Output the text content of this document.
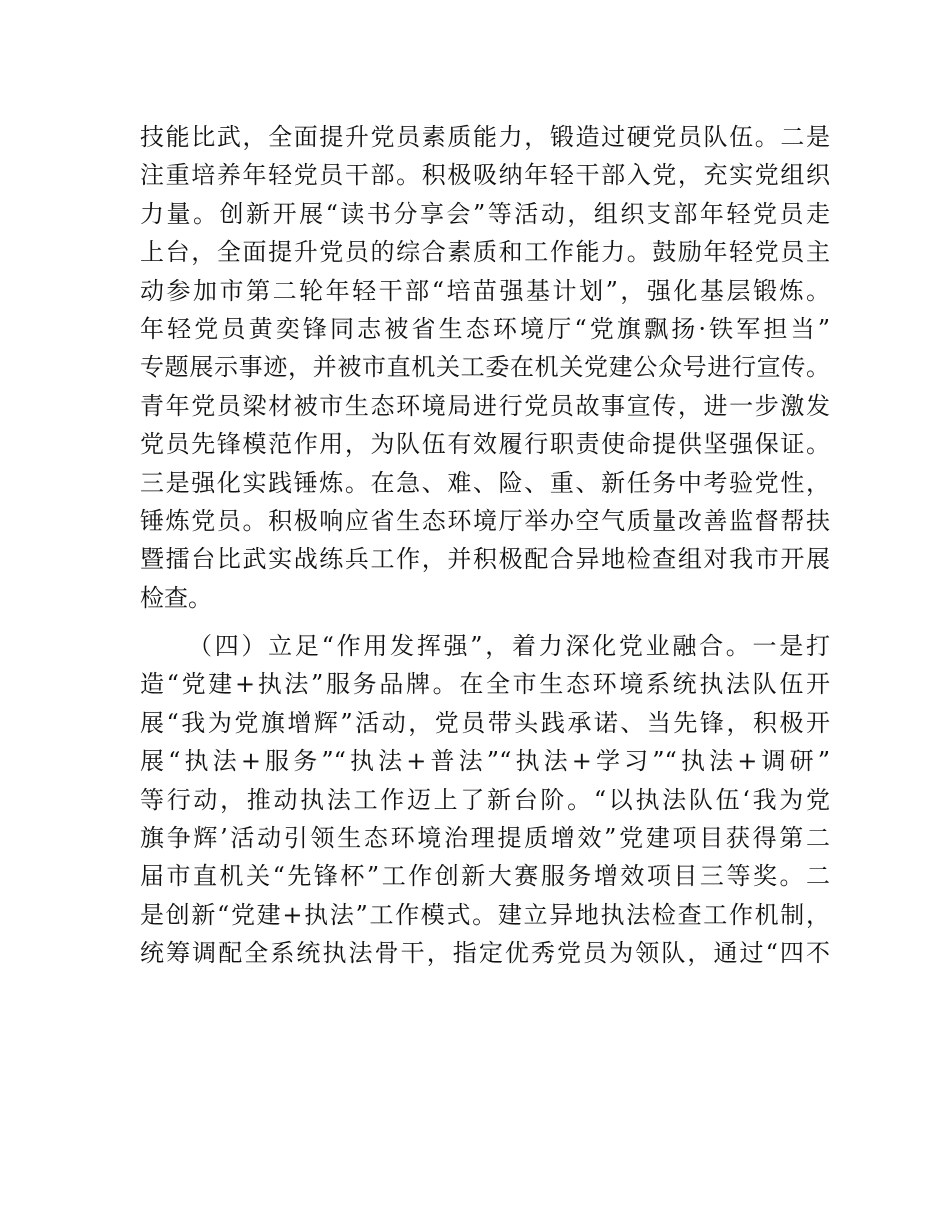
技能比武，全面提升党员素质能力，锻造过硬党员队伍。二是
注重培养年轻党员干部。积极吸纳年轻干部入党，充实党组织
力量。创新开展“读书分享会”等活动，组织支部年轻党员走
上台，全面提升党员的综合素质和工作能力。鼓励年轻党员主
动参加市第二轮年轻干部“培苗强基计划”，强化基层锻炼。
年轻党员黄奕锋同志被省生态环境厅“党旗飘扬·铁军担当”
专题展示事迹，并被市直机关工委在机关党建公众号进行宣传。
青年党员梁材被市生态环境局进行党员故事宣传，进一步激发
党员先锋模范作用，为队伍有效履行职责使命提供坚强保证。
三是强化实践锤炼。在急、难、险、重、新任务中考验党性，
锤炼党员。积极响应省生态环境厅举办空气质量改善监督帮扶
暨擂台比武实战练兵工作，并积极配合异地检查组对我市开展
检查。
（四）立足“作用发挥强”，着力深化党业融合。一是打
造“党建+执法”服务品牌。在全市生态环境系统执法队伍开
展“我为党旗增辉”活动，党员带头践承诺、当先锋，积极开
展“执法+服务”“执法+普法”“执法+学习”“执法+调研”
等行动，推动执法工作迈上了新台阶。“以执法队伍‘我为党
旗争辉’活动引领生态环境治理提质增效”党建项目获得第二
届市直机关“先锋杯”工作创新大赛服务增效项目三等奖。二
是创新“党建+执法”工作模式。建立异地执法检查工作机制，
统筹调配全系统执法骨干，指定优秀党员为领队，通过“四不
